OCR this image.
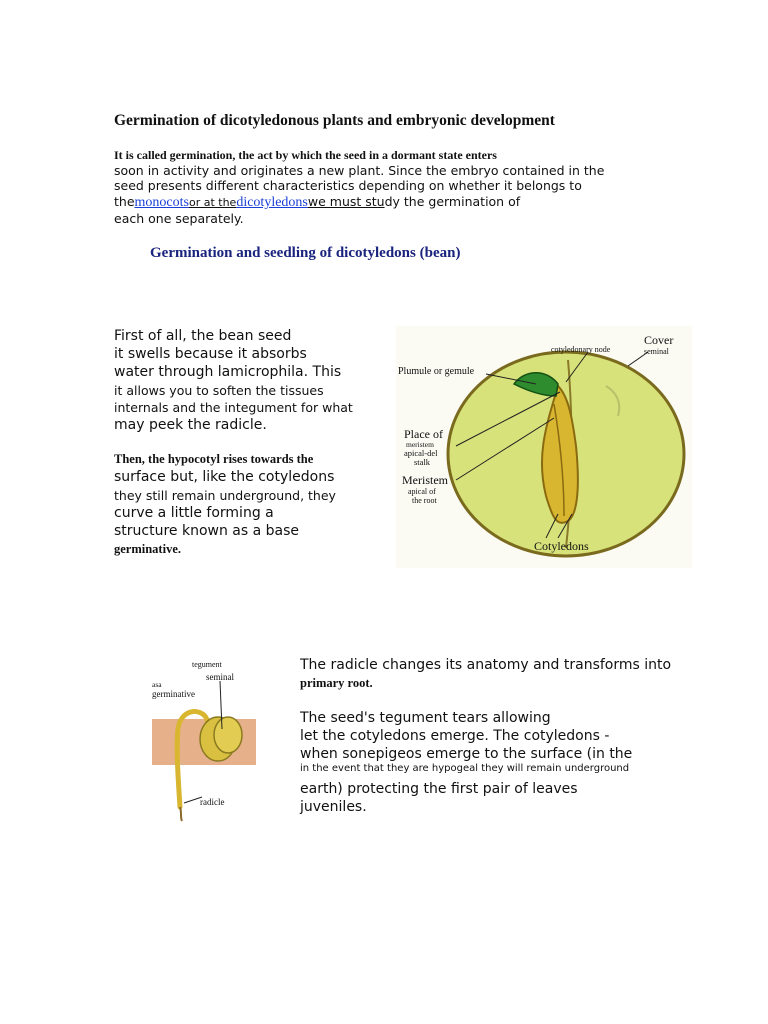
Germination of dicotyledonous plants and embryonic development
It is called germination, the act by which the seed in a dormant state enters
soon in activity and originates a new plant. Since the embryo contained in the
seed presents different characteristics depending on whether it belongs to
themonocotsor at thedicotyledonswe must study the germination of
each one separately.
Germination and seedling of dicotyledons (bean)
First of all, the bean seed
it swells because it absorbs
water through lamicrophila. This
it allows you to soften the tissues
internals and the integument for what
may peek the radicle.
Then, the hypocotyl rises towards the
surface but, like the cotyledons
they still remain underground, they
curve a little forming a
structure known as a base
germinative.
Cover
seminal
cotyledonary node
Plumule or gemule
Place of
meristem
apical-del
stalk
Meristem
apical of
the root
Cotyledons
tegument
seminal
asa
germinative
radicle
The radicle changes its anatomy and transforms into
primary root.
The seed's tegument tears allowing
let the cotyledons emerge. The cotyledons -
when sonepigeos emerge to the surface (in the
in the event that they are hypogeal they will remain underground
earth) protecting the first pair of leaves
juveniles.
